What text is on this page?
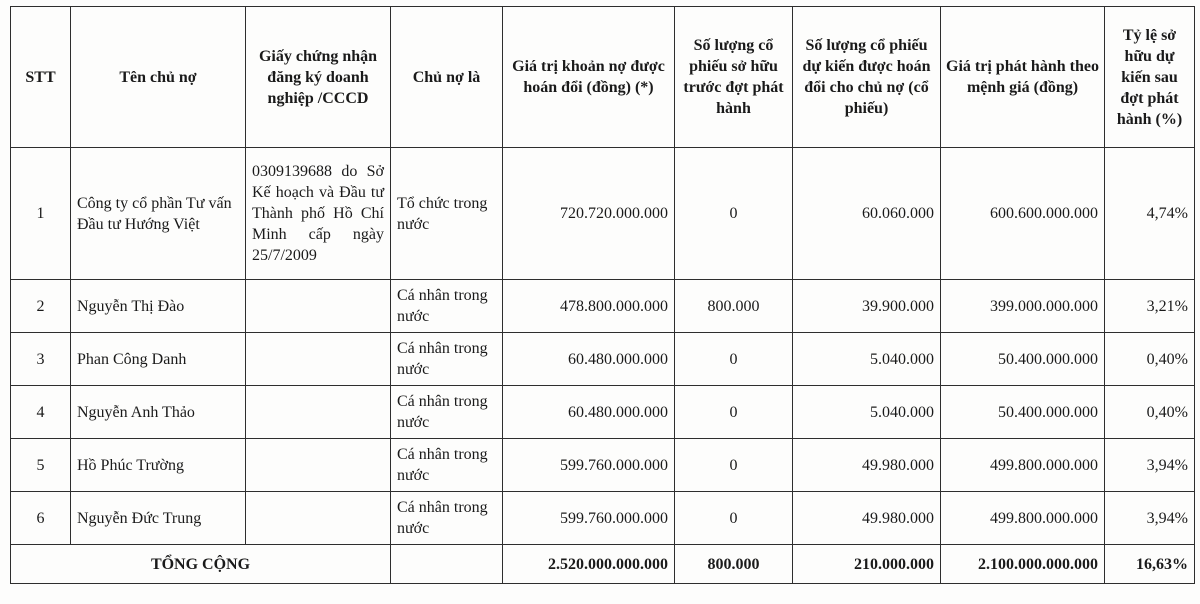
STT	Tên chủ nợ	Giấy chứng nhận đăng ký doanh nghiệp /CCCD	Chủ nợ là	Giá trị khoản nợ được hoán đổi (đồng) (*)	Số lượng cổ phiếu sở hữu trước đợt phát hành	Số lượng cổ phiếu dự kiến được hoán đổi cho chủ nợ (cổ phiếu)	Giá trị phát hành theo mệnh giá (đồng)	Tỷ lệ sở hữu dự kiến sau đợt phát hành (%)
1	Công ty cổ phần Tư vấn Đầu tư Hướng Việt	0309139688 do Sở Kế hoạch và Đầu tư Thành phố Hồ Chí Minh cấp ngày 25/7/2009	Tổ chức trong nước	720.720.000.000	0	60.060.000	600.600.000.000	4,74%
2	Nguyễn Thị Đào		Cá nhân trong nước	478.800.000.000	800.000	39.900.000	399.000.000.000	3,21%
3	Phan Công Danh		Cá nhân trong nước	60.480.000.000	0	5.040.000	50.400.000.000	0,40%
4	Nguyễn Anh Thảo		Cá nhân trong nước	60.480.000.000	0	5.040.000	50.400.000.000	0,40%
5	Hồ Phúc Trường		Cá nhân trong nước	599.760.000.000	0	49.980.000	499.800.000.000	3,94%
6	Nguyễn Đức Trung		Cá nhân trong nước	599.760.000.000	0	49.980.000	499.800.000.000	3,94%
TỔNG CỘNG				2.520.000.000.000	800.000	210.000.000	2.100.000.000.000	16,63%
